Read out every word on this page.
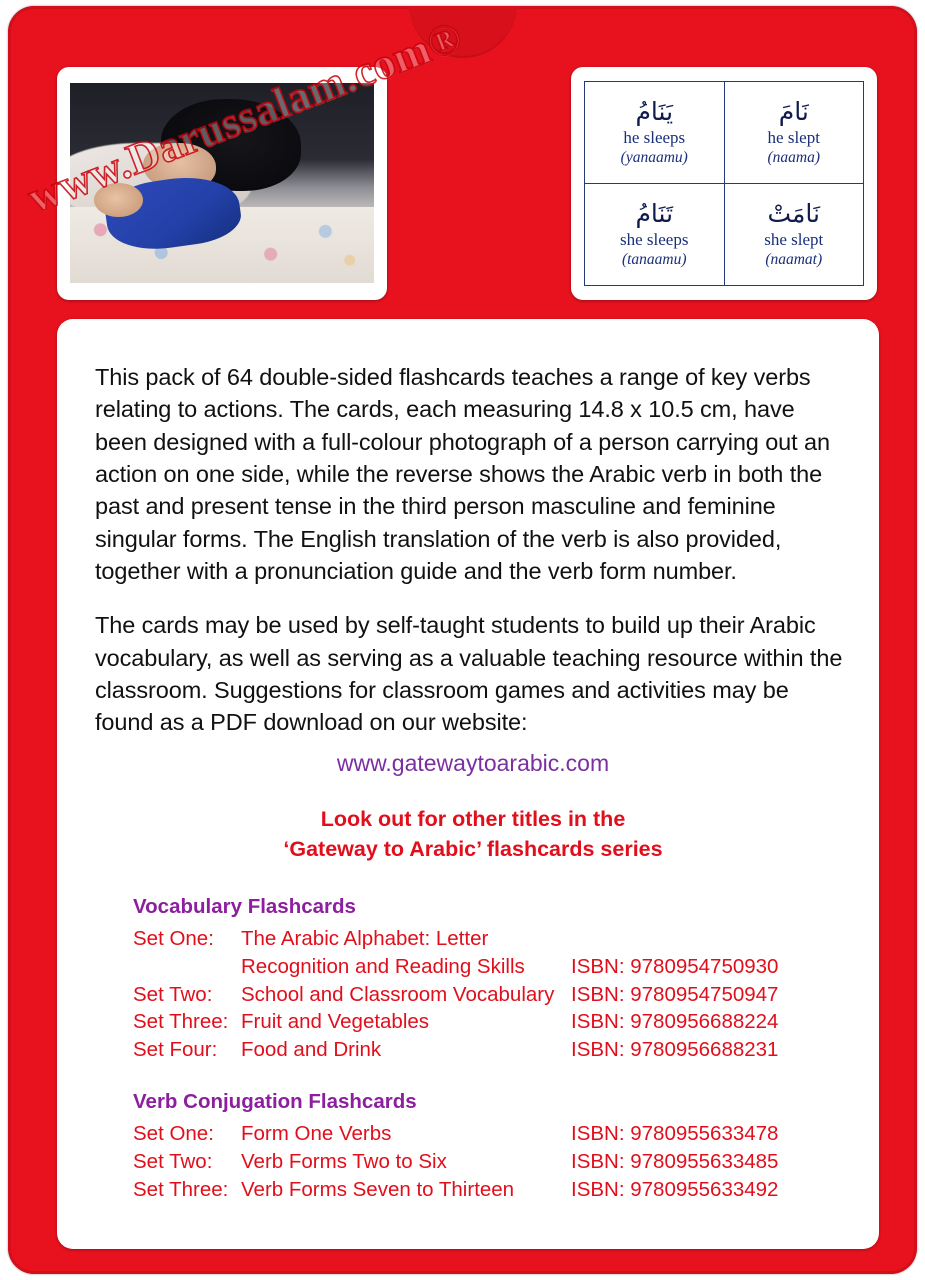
يَنَامُ
he sleeps
(yanaamu)

نَامَ
he slept
(naama)

تَنَامُ
she sleeps
(tanaamu)

نَامَتْ
she slept
(naamat)

This pack of 64 double-sided flashcards teaches a range of key verbs relating to actions. The cards, each measuring 14.8 x 10.5 cm, have been designed with a full-colour photograph of a person carrying out an action on one side, while the reverse shows the Arabic verb in both the past and present tense in the third person masculine and feminine singular forms. The English translation of the verb is also provided, together with a pronunciation guide and the verb form number.

The cards may be used by self-taught students to build up their Arabic vocabulary, as well as serving as a valuable teaching resource within the classroom. Suggestions for classroom games and activities may be found as a PDF download on our website:

www.gatewaytoarabic.com
Look out for other titles in the
‘Gateway to Arabic’ flashcards series
Vocabulary Flashcards
Set One:	The Arabic Alphabet: Letter
Recognition and Reading Skills	ISBN: 9780954750930
Set Two:	School and Classroom Vocabulary ISBN: 9780954750947
Set Three: Fruit and Vegetables	ISBN: 9780956688224
Set Four:	Food and Drink	ISBN: 9780956688231
Verb Conjugation Flashcards
Set One:	Form One Verbs	ISBN: 9780955633478
Set Two:	Verb Forms Two to Six	ISBN: 9780955633485
Set Three: Verb Forms Seven to Thirteen	ISBN: 9780955633492
